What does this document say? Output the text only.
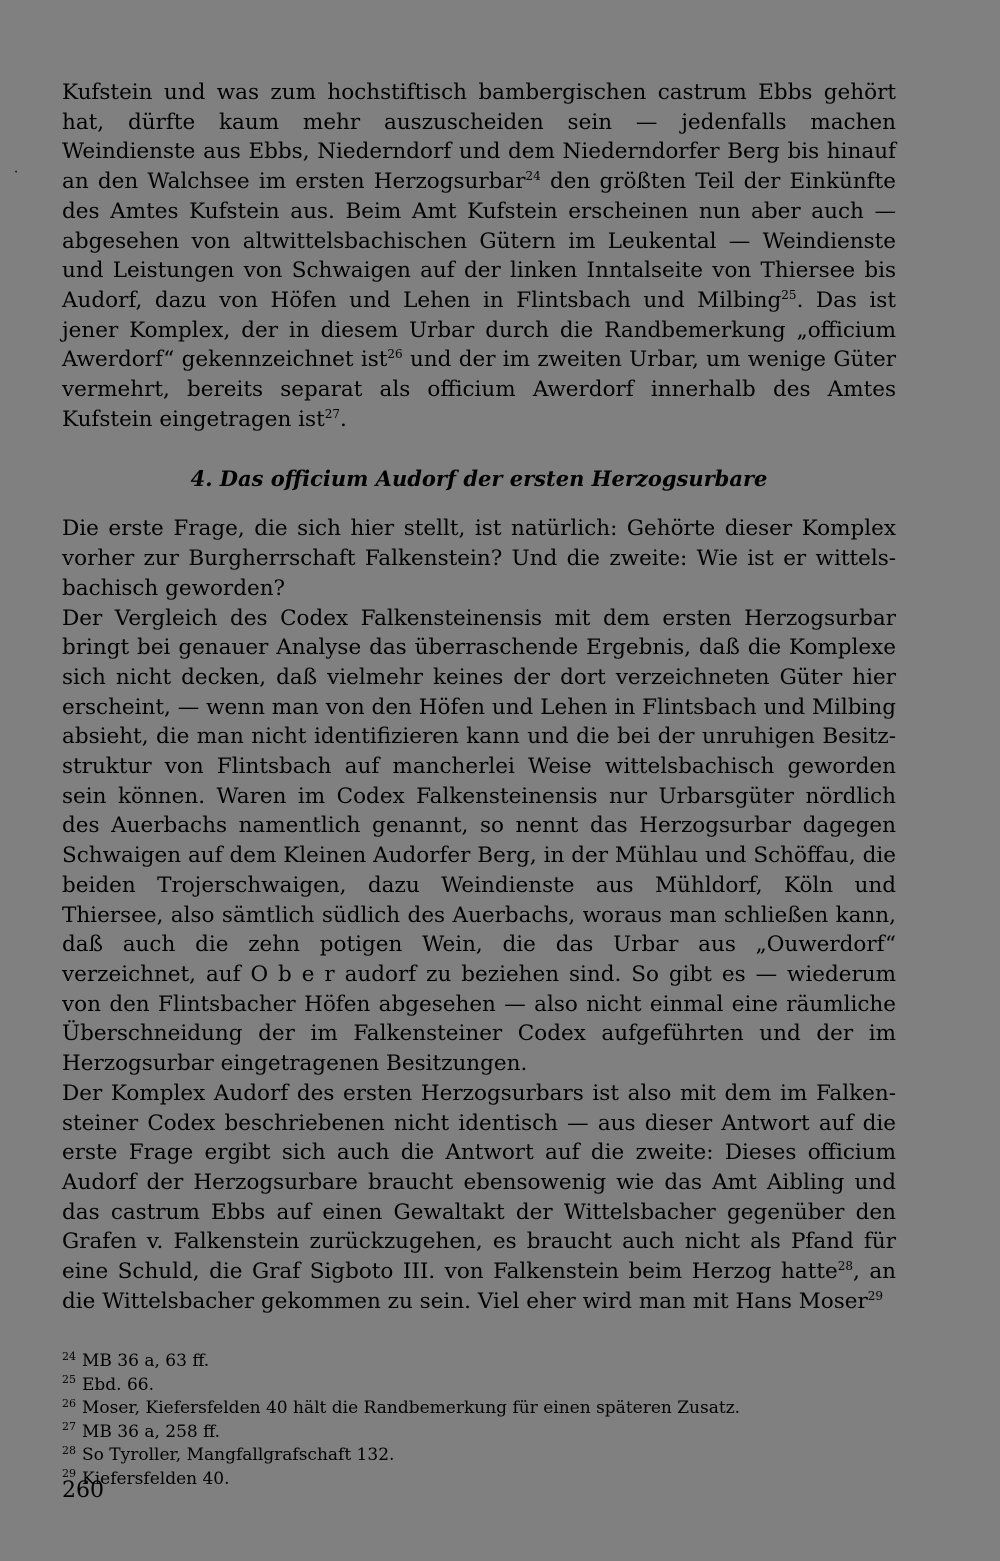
·

Kufstein und was zum hochstiftisch bambergischen castrum Ebbs gehört hat, dürfte kaum mehr auszuscheiden sein — jedenfalls machen Weindienste aus Ebbs, Niederndorf und dem Niederndorfer Berg bis hinauf an den Walchsee im ersten Herzogsurbar$^{24}$ den größten Teil der Einkünfte des Amtes Kufstein aus. Beim Amt Kufstein erscheinen nun aber auch — abgesehen von altwittelsbachischen Gütern im Leukental — Weindienste und Leistungen von Schwaigen auf der linken Inntalseite von Thiersee bis Audorf, dazu von Höfen und Lehen in Flintsbach und Milbing$^{25}$. Das ist jener Komplex, der in diesem Urbar durch die Randbemerkung „officium Awerdorf“ gekennzeichnet ist$^{26}$ und der im zweiten Urbar, um wenige Güter vermehrt, bereits separat als officium Awerdorf innerhalb des Amtes Kufstein eingetragen ist$^{27}$.

4. Das officium Audorf der ersten Herzogsurbare

Die erste Frage, die sich hier stellt, ist natürlich: Gehörte dieser Komplex vorher zur Burgherrschaft Falkenstein? Und die zweite: Wie ist er wittelsbachisch geworden?

Der Vergleich des Codex Falkensteinensis mit dem ersten Herzogsurbar bringt bei genauer Analyse das überraschende Ergebnis, daß die Komplexe sich nicht decken, daß vielmehr keines der dort verzeichneten Güter hier erscheint, — wenn man von den Höfen und Lehen in Flintsbach und Milbing absieht, die man nicht identifizieren kann und die bei der unruhigen Besitzstruktur von Flintsbach auf mancherlei Weise wittelsbachisch geworden sein können. Waren im Codex Falkensteinensis nur Urbarsgüter nördlich des Auerbachs namentlich genannt, so nennt das Herzogsurbar dagegen Schwaigen auf dem Kleinen Audorfer Berg, in der Mühlau und Schöffau, die beiden Trojerschwaigen, dazu Weindienste aus Mühldorf, Köln und Thiersee, also sämtlich südlich des Auerbachs, woraus man schließen kann, daß auch die zehn potigen Wein, die das Urbar aus „Ouwerdorf“ verzeichnet, auf O b e r audorf zu beziehen sind. So gibt es — wiederum von den Flintsbacher Höfen abgesehen — also nicht einmal eine räumliche Überschneidung der im Falkensteiner Codex aufgeführten und der im Herzogsurbar eingetragenen Besitzungen.

Der Komplex Audorf des ersten Herzogsurbars ist also mit dem im Falkensteiner Codex beschriebenen nicht identisch — aus dieser Antwort auf die erste Frage ergibt sich auch die Antwort auf die zweite: Dieses officium Audorf der Herzogsurbare braucht ebensowenig wie das Amt Aibling und das castrum Ebbs auf einen Gewaltakt der Wittelsbacher gegenüber den Grafen v. Falkenstein zurückzugehen, es braucht auch nicht als Pfand für eine Schuld, die Graf Sigboto III. von Falkenstein beim Herzog hatte$^{28}$, an die Wittelsbacher gekommen zu sein. Viel eher wird man mit Hans Moser$^{29}$

$^{24}$ MB 36 a, 63 ff.
$^{25}$ Ebd. 66.
$^{26}$ Moser, Kiefersfelden 40 hält die Randbemerkung für einen späteren Zusatz.
$^{27}$ MB 36 a, 258 ff.
$^{28}$ So Tyroller, Mangfallgrafschaft 132.
$^{29}$ Kiefersfelden 40.
260
